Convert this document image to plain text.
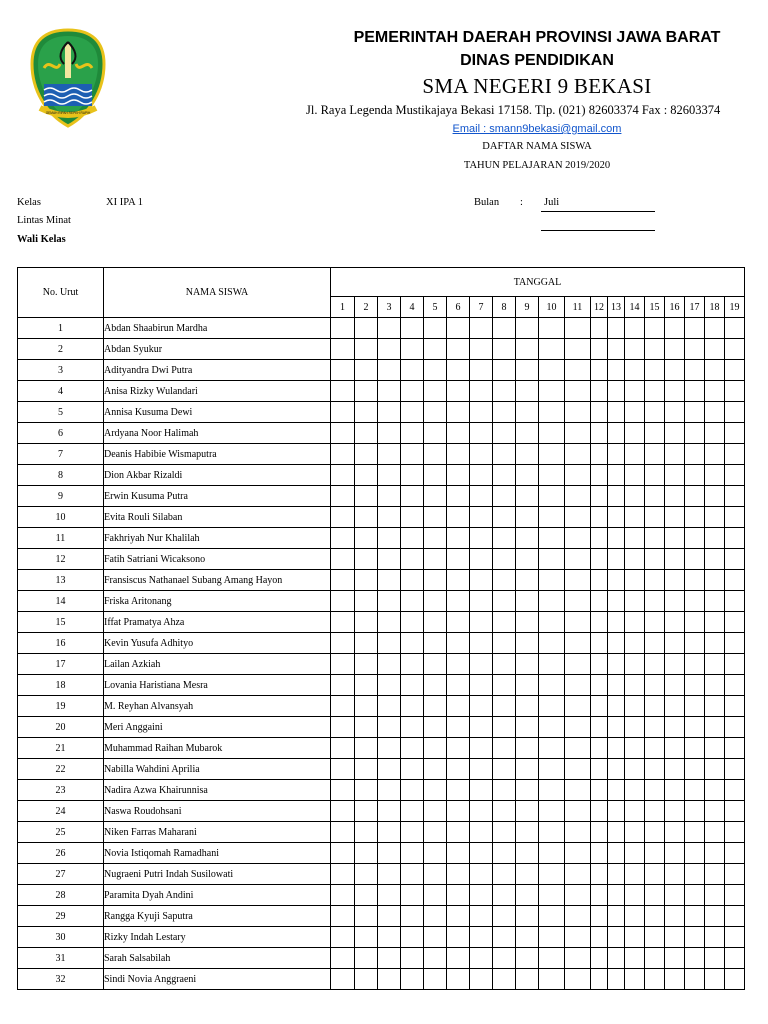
GEMAH RIPAH REPEH RAPIH
PEMERINTAH DAERAH PROVINSI JAWA BARAT
DINAS PENDIDIKAN
SMA NEGERI 9 BEKASI
Jl. Raya Legenda Mustikajaya Bekasi 17158. Tlp. (021) 82603374 Fax : 82603374
Email : smann9bekasi@gmail.com
DAFTAR NAMA SISWA
TAHUN PELAJARAN 2019/2020
Kelas	XI IPA 1
Lintas Minat
Wali Kelas
Bulan : Juli
No. Urut	NAMA SISWA	TANGGAL																		
		1	2	3	4	5	6	7	8	9	10	11	12	13	14	15	16	17	18	19
1	Abdan Shaabirun Mardha																			
2	Abdan Syukur																			
3	Adityandra Dwi Putra																			
4	Anisa Rizky Wulandari																			
5	Annisa Kusuma Dewi																			
6	Ardyana Noor Halimah																			
7	Deanis Habibie Wismaputra																			
8	Dion Akbar Rizaldi																			
9	Erwin Kusuma Putra																			
10	Evita Rouli Silaban																			
11	Fakhriyah Nur Khalilah																			
12	Fatih Satriani Wicaksono																			
13	Fransiscus Nathanael Subang Amang Hayon																			
14	Friska Aritonang																			
15	Iffat Pramatya Ahza																			
16	Kevin Yusufa Adhityo																			
17	Lailan Azkiah																			
18	Lovania Haristiana Mesra																			
19	M. Reyhan Alvansyah																			
20	Meri Anggaini																			
21	Muhammad Raihan Mubarok																			
22	Nabilla Wahdini Aprilia																			
23	Nadira Azwa Khairunnisa																			
24	Naswa Roudohsani																			
25	Niken Farras Maharani																			
26	Novia Istiqomah Ramadhani																			
27	Nugraeni Putri Indah Susilowati																			
28	Paramita Dyah Andini																			
29	Rangga Kyuji Saputra																			
30	Rizky Indah Lestary																			
31	Sarah Salsabilah																			
32	Sindi Novia Anggraeni																			
